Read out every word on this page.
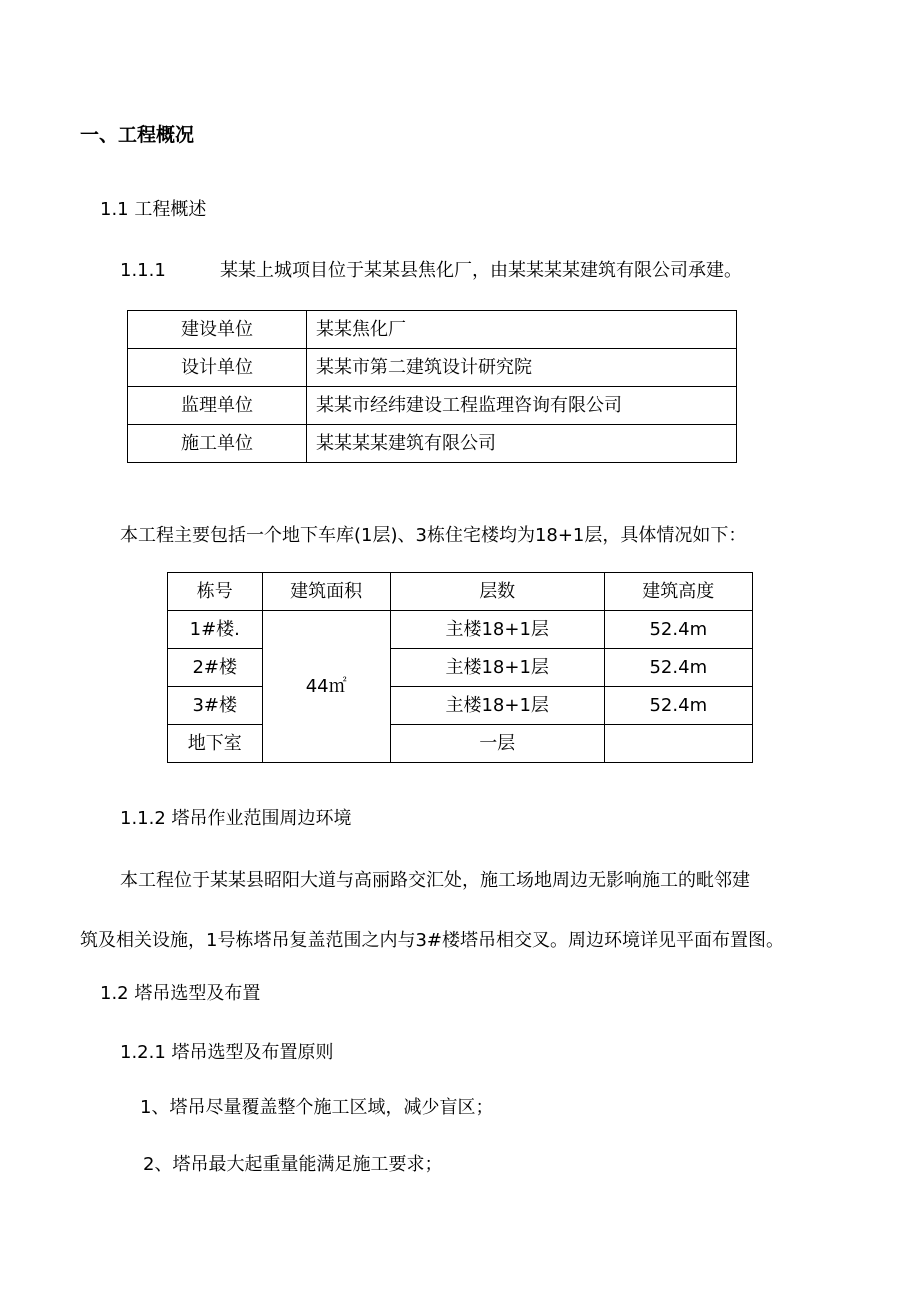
一、工程概况
1.1 工程概述
1.1.1	某某上城项目位于某某县焦化厂，由某某某某建筑有限公司承建。
建设单位	某某焦化厂
设计单位	某某市第二建筑设计研究院
监理单位	某某市经纬建设工程监理咨询有限公司
施工单位	某某某某建筑有限公司
本工程主要包括一个地下车库(1层)、3栋住宅楼均为18+1层，具体情况如下：
栋号	建筑面积	层数	建筑高度
1#楼.	44㎡	主楼18+1层	52.4m
2#楼		主楼18+1层	52.4m
3#楼		主楼18+1层	52.4m
地下室		一层	
1.1.2 塔吊作业范围周边环境
本工程位于某某县昭阳大道与高丽路交汇处，施工场地周边无影响施工的毗邻建
筑及相关设施，1号栋塔吊复盖范围之内与3#楼塔吊相交叉。周边环境详见平面布置图。
1.2 塔吊选型及布置
1.2.1 塔吊选型及布置原则
1、塔吊尽量覆盖整个施工区域，减少盲区；
2、塔吊最大起重量能满足施工要求；
